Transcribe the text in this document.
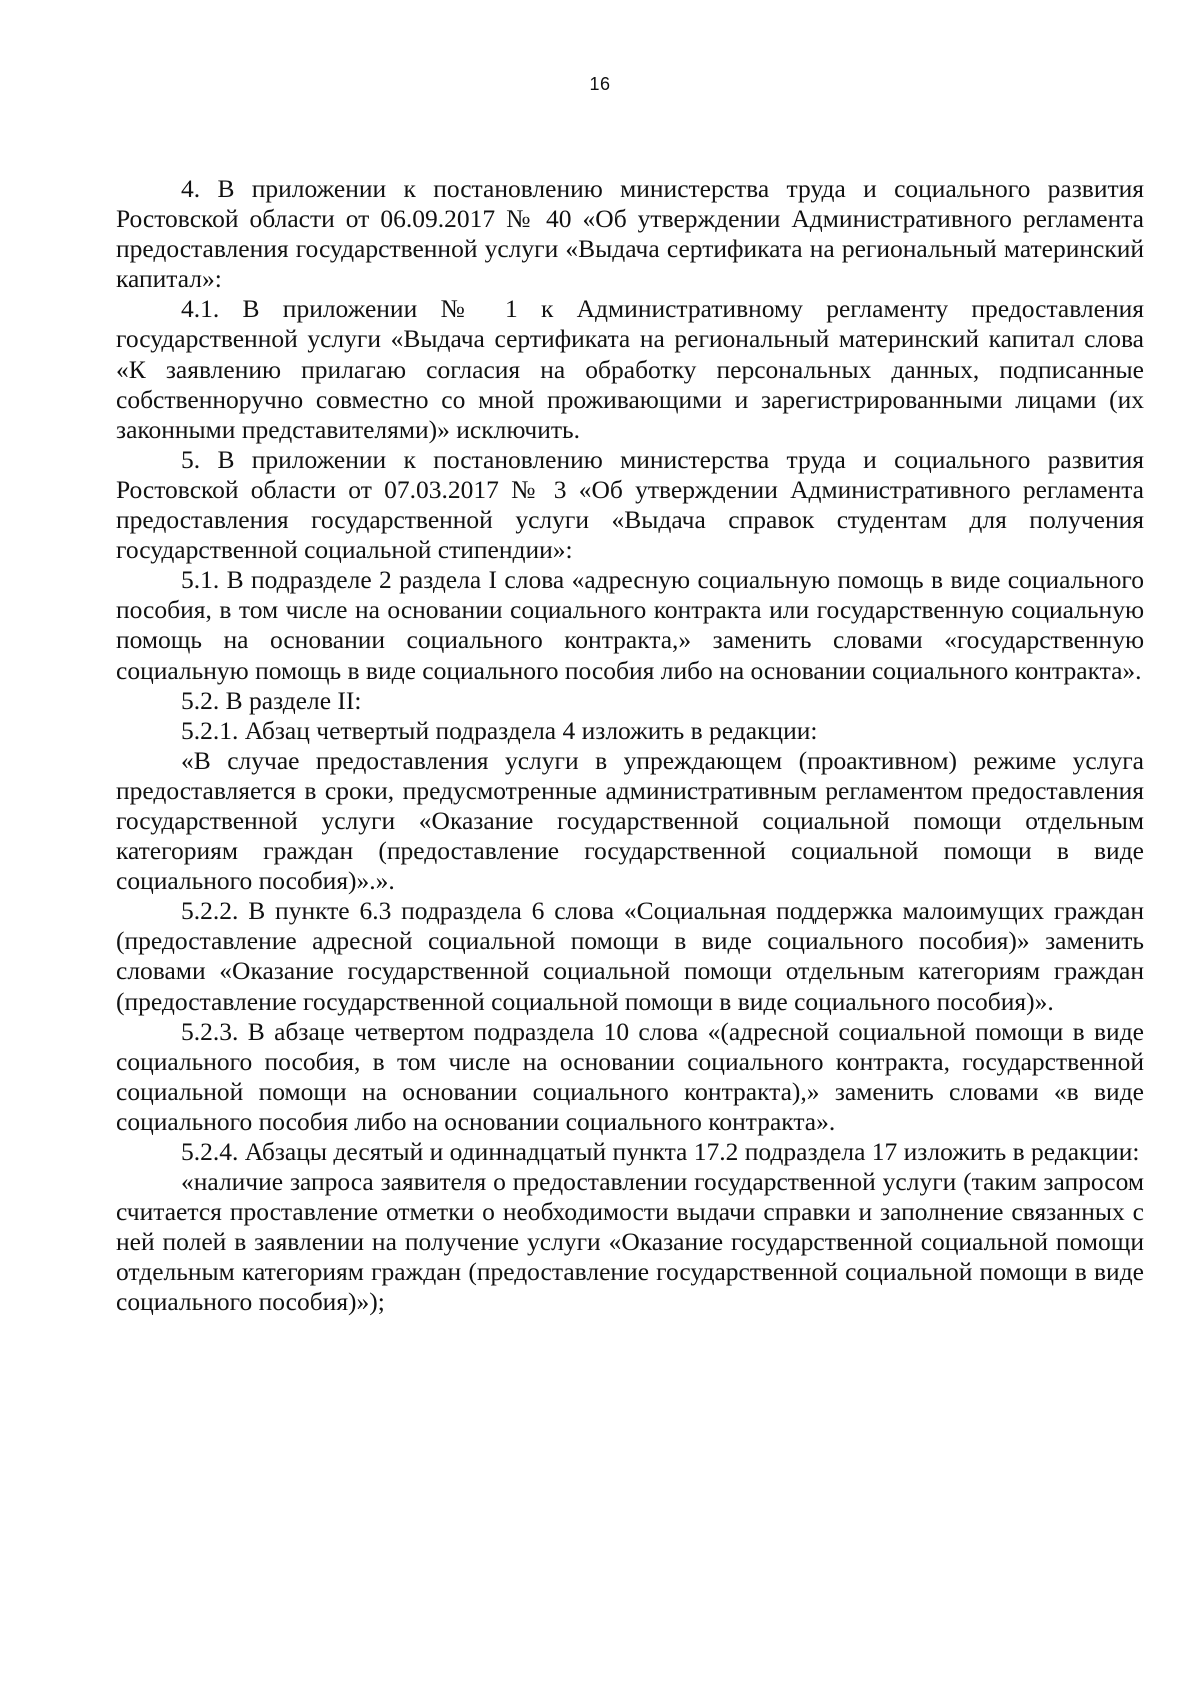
16

4. В приложении к постановлению министерства труда и социального развития Ростовской области от 06.09.2017 № 40 «Об утверждении Административного регламента предоставления государственной услуги «Выдача сертификата на региональный материнский капитал»:

4.1. В приложении № 1 к Административному регламенту предоставления государственной услуги «Выдача сертификата на региональный материнский капитал слова «К заявлению прилагаю согласия на обработку персональных данных, подписанные собственноручно совместно со мной проживающими и зарегистрированными лицами (их законными представителями)» исключить.

5. В приложении к постановлению министерства труда и социального развития Ростовской области от 07.03.2017 № 3 «Об утверждении Административного регламента предоставления государственной услуги «Выдача справок студентам для получения государственной социальной стипендии»:

5.1. В подразделе 2 раздела I слова «адресную социальную помощь в виде социального пособия, в том числе на основании социального контракта или государственную социальную помощь на основании социального контракта,» заменить словами «государственную социальную помощь в виде социального пособия либо на основании социального контракта».

5.2. В разделе II:

5.2.1. Абзац четвертый подраздела 4 изложить в редакции:

«В случае предоставления услуги в упреждающем (проактивном) режиме услуга предоставляется в сроки, предусмотренные административным регламентом предоставления государственной услуги «Оказание государственной социальной помощи отдельным категориям граждан (предоставление государственной социальной помощи в виде социального пособия)».».

5.2.2. В пункте 6.3 подраздела 6 слова «Социальная поддержка малоимущих граждан (предоставление адресной социальной помощи в виде социального пособия)» заменить словами «Оказание государственной социальной помощи отдельным категориям граждан (предоставление государственной социальной помощи в виде социального пособия)».

5.2.3. В абзаце четвертом подраздела 10 слова «(адресной социальной помощи в виде социального пособия, в том числе на основании социального контракта, государственной социальной помощи на основании социального контракта),» заменить словами «в виде социального пособия либо на основании социального контракта».

5.2.4. Абзацы десятый и одиннадцатый пункта 17.2 подраздела 17 изложить в редакции:

«наличие запроса заявителя о предоставлении государственной услуги (таким запросом считается проставление отметки о необходимости выдачи справки и заполнение связанных с ней полей в заявлении на получение услуги «Оказание государственной социальной помощи отдельным категориям граждан (предоставление государственной социальной помощи в виде социального пособия)»);
